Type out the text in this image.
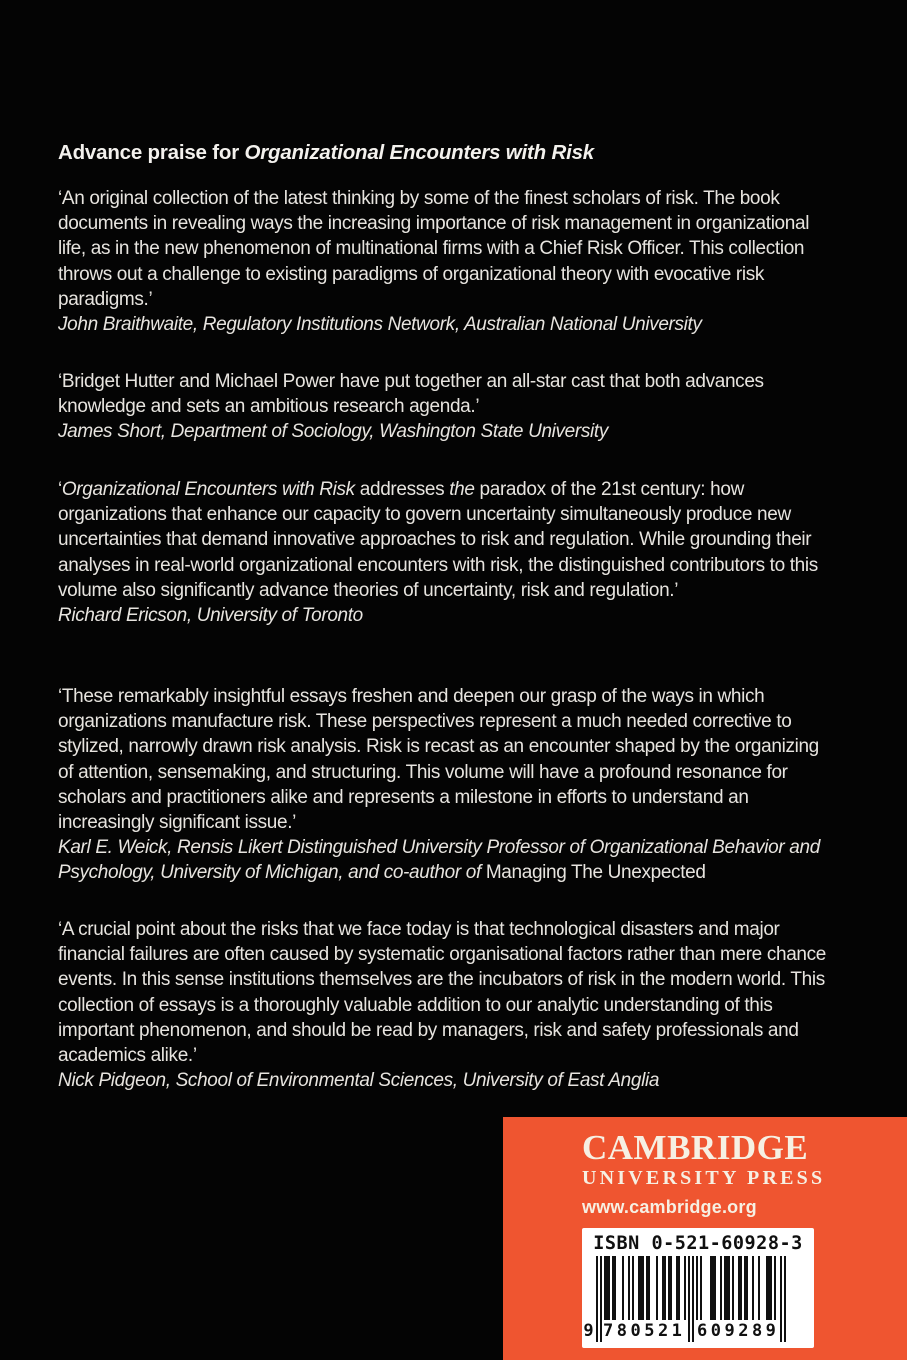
Advance praise for Organizational Encounters with Risk

‘An original collection of the latest thinking by some of the finest scholars of risk. The book documents in revealing ways the increasing importance of risk management in organizational life, as in the new phenomenon of multinational firms with a Chief Risk Officer. This collection throws out a challenge to existing paradigms of organizational theory with evocative risk paradigms.’

John Braithwaite, Regulatory Institutions Network, Australian National University

‘Bridget Hutter and Michael Power have put together an all-star cast that both advances knowledge and sets an ambitious research agenda.’

James Short, Department of Sociology, Washington State University

‘Organizational Encounters with Risk addresses the paradox of the 21st century: how organizations that enhance our capacity to govern uncertainty simultaneously produce new uncertainties that demand innovative approaches to risk and regulation. While grounding their analyses in real-world organizational encounters with risk, the distinguished contributors to this volume also significantly advance theories of uncertainty, risk and regulation.’

Richard Ericson, University of Toronto

‘These remarkably insightful essays freshen and deepen our grasp of the ways in which organizations manufacture risk. These perspectives represent a much needed corrective to stylized, narrowly drawn risk analysis. Risk is recast as an encounter shaped by the organizing of attention, sensemaking, and structuring. This volume will have a profound resonance for scholars and practitioners alike and represents a milestone in efforts to understand an increasingly significant issue.’

Karl E. Weick, Rensis Likert Distinguished University Professor of Organizational Behavior and Psychology, University of Michigan, and co-author of Managing The Unexpected

‘A crucial point about the risks that we face today is that technological disasters and major financial failures are often caused by systematic organisational factors rather than mere chance events. In this sense institutions themselves are the incubators of risk in the modern world. This collection of essays is a thoroughly valuable addition to our analytic understanding of this important phenomenon, and should be read by managers, risk and safety professionals and academics alike.’

Nick Pidgeon, School of Environmental Sciences, University of East Anglia

CAMBRIDGE
UNIVERSITY PRESS
www.cambridge.org
ISBN 0-521-60928-3
9 780521 609289
